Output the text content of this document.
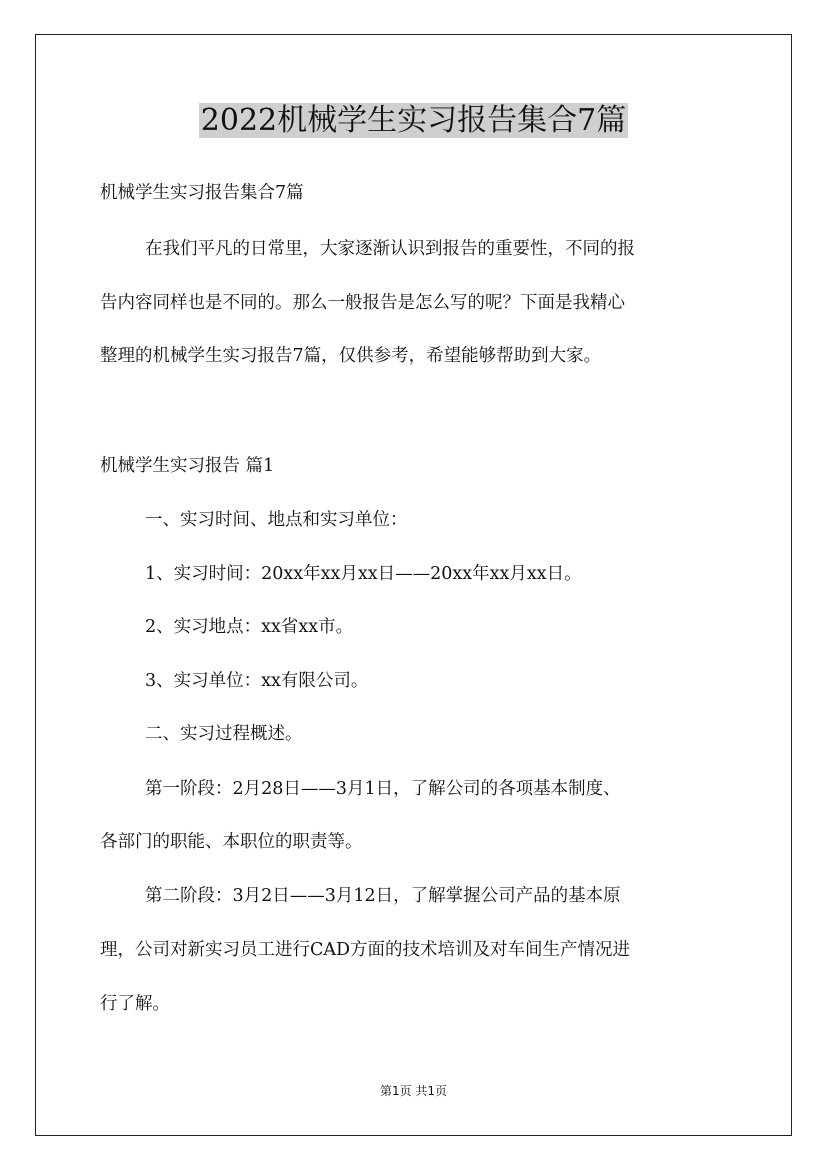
2022机械学生实习报告集合7篇
机械学生实习报告集合7篇
在我们平凡的日常里，大家逐渐认识到报告的重要性，不同的报
告内容同样也是不同的。那么一般报告是怎么写的呢？下面是我精心
整理的机械学生实习报告7篇，仅供参考，希望能够帮助到大家。
机械学生实习报告 篇1
一、实习时间、地点和实习单位：
1、实习时间：20xx年xx月xx日——20xx年xx月xx日。
2、实习地点：xx省xx市。
3、实习单位：xx有限公司。
二、实习过程概述。
第一阶段：2月28日——3月1日，了解公司的各项基本制度、
各部门的职能、本职位的职责等。
第二阶段：3月2日——3月12日，了解掌握公司产品的基本原
理，公司对新实习员工进行CAD方面的技术培训及对车间生产情况进
行了解。
第1页 共1页
